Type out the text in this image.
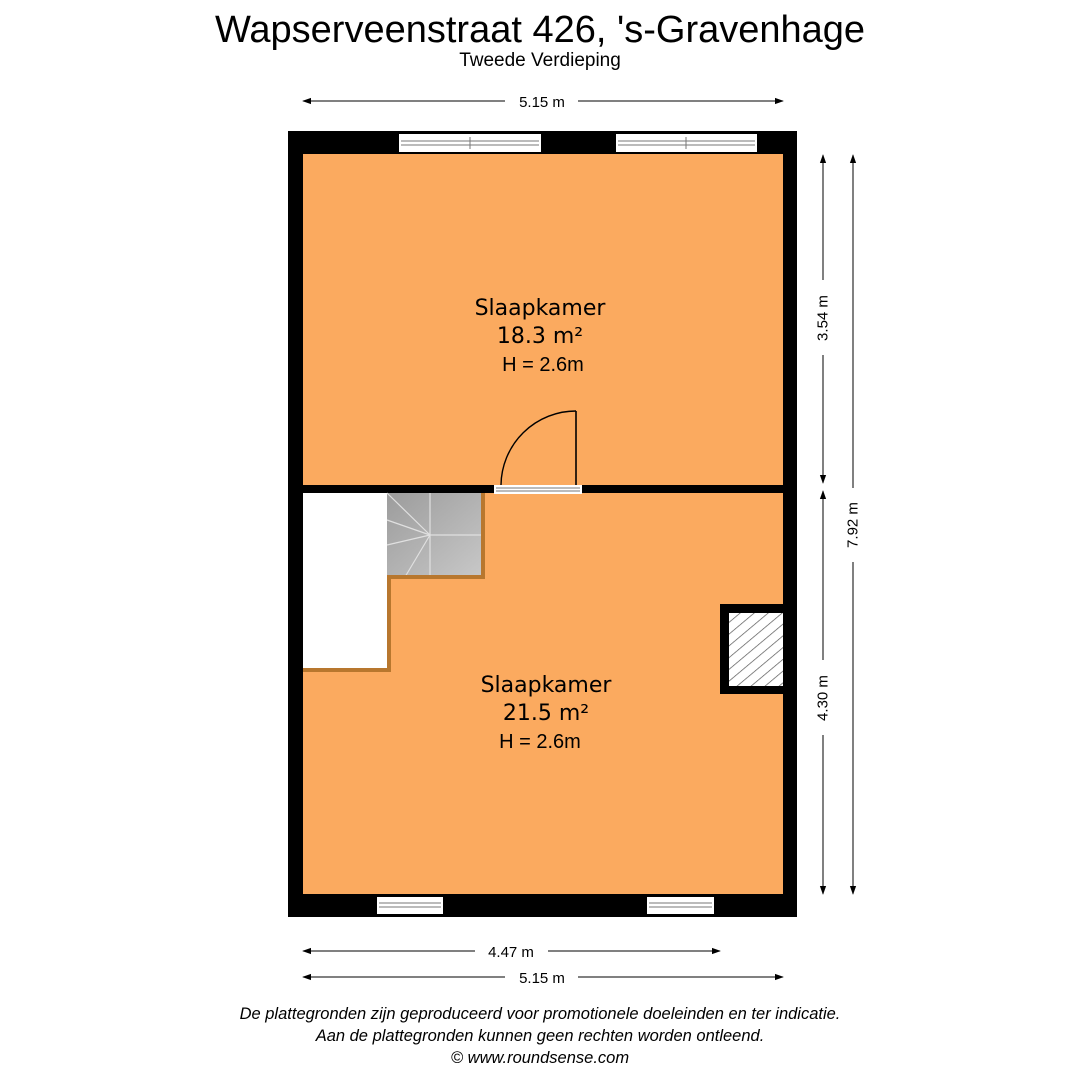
Wapserveenstraat 426, 's-Gravenhage
Tweede Verdieping
Slaapkamer
18.3 m²
H = 2.6m
Slaapkamer
21.5 m²
H = 2.6m
5.15 m
3.54 m
4.30 m
7.92 m
4.47 m
5.15 m
De plattegronden zijn geproduceerd voor promotionele doeleinden en ter indicatie.
Aan de plattegronden kunnen geen rechten worden ontleend.
© www.roundsense.com
